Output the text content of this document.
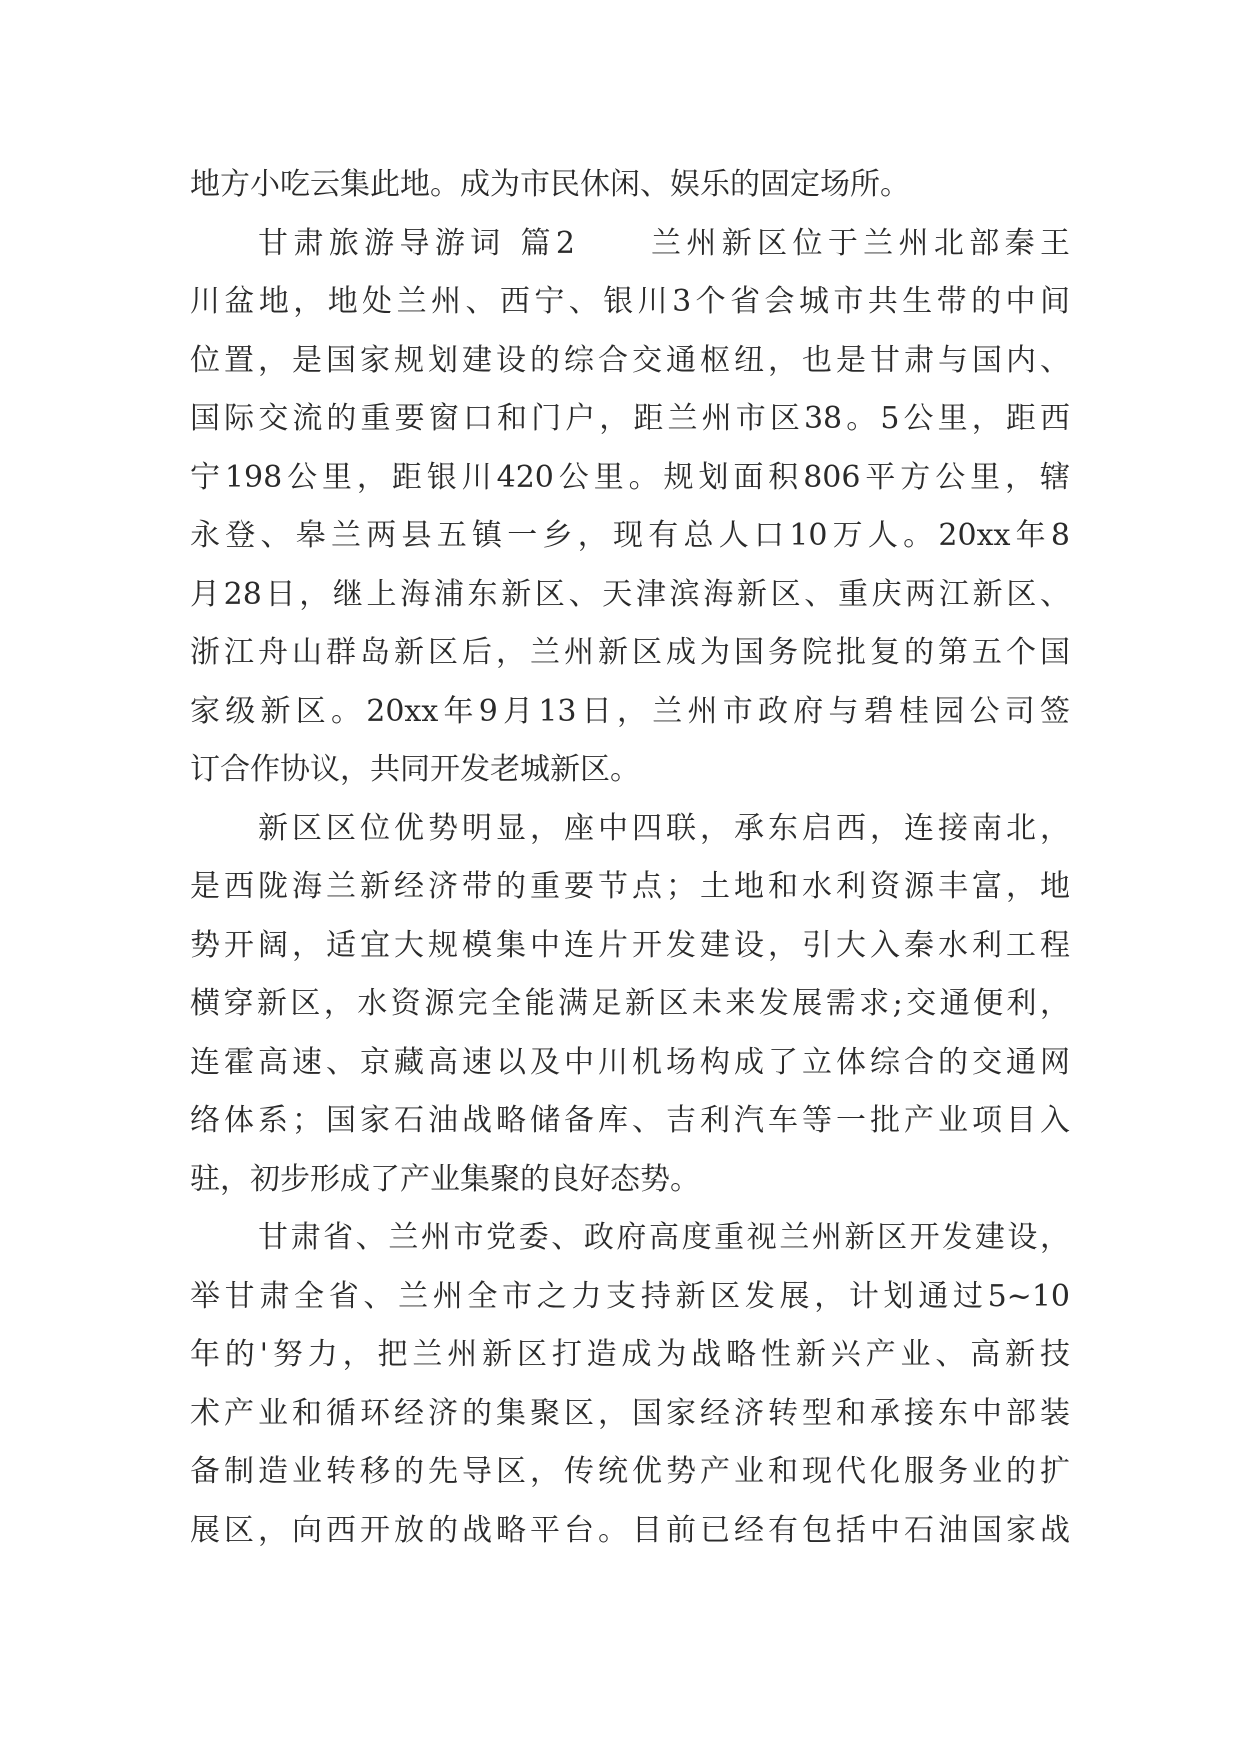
地方小吃云集此地。成为市民休闲、娱乐的固定场所。
甘肃旅游导游词 篇2　　兰州新区位于兰州北部秦王
川盆地，地处兰州、西宁、银川3个省会城市共生带的中间
位置，是国家规划建设的综合交通枢纽，也是甘肃与国内、
国际交流的重要窗口和门户，距兰州市区38。5公里，距西
宁198公里，距银川420公里。规划面积806平方公里，辖
永登、皋兰两县五镇一乡，现有总人口10万人。20xx年8
月28日，继上海浦东新区、天津滨海新区、重庆两江新区、
浙江舟山群岛新区后，兰州新区成为国务院批复的第五个国
家级新区。20xx年9月13日，兰州市政府与碧桂园公司签
订合作协议，共同开发老城新区。
新区区位优势明显，座中四联，承东启西，连接南北，
是西陇海兰新经济带的重要节点；土地和水利资源丰富，地
势开阔，适宜大规模集中连片开发建设，引大入秦水利工程
横穿新区，水资源完全能满足新区未来发展需求;交通便利，
连霍高速、京藏高速以及中川机场构成了立体综合的交通网
络体系；国家石油战略储备库、吉利汽车等一批产业项目入
驻，初步形成了产业集聚的良好态势。
甘肃省、兰州市党委、政府高度重视兰州新区开发建设，
举甘肃全省、兰州全市之力支持新区发展，计划通过5~10
年的'努力，把兰州新区打造成为战略性新兴产业、高新技
术产业和循环经济的集聚区，国家经济转型和承接东中部装
备制造业转移的先导区，传统优势产业和现代化服务业的扩
展区，向西开放的战略平台。目前已经有包括中石油国家战
